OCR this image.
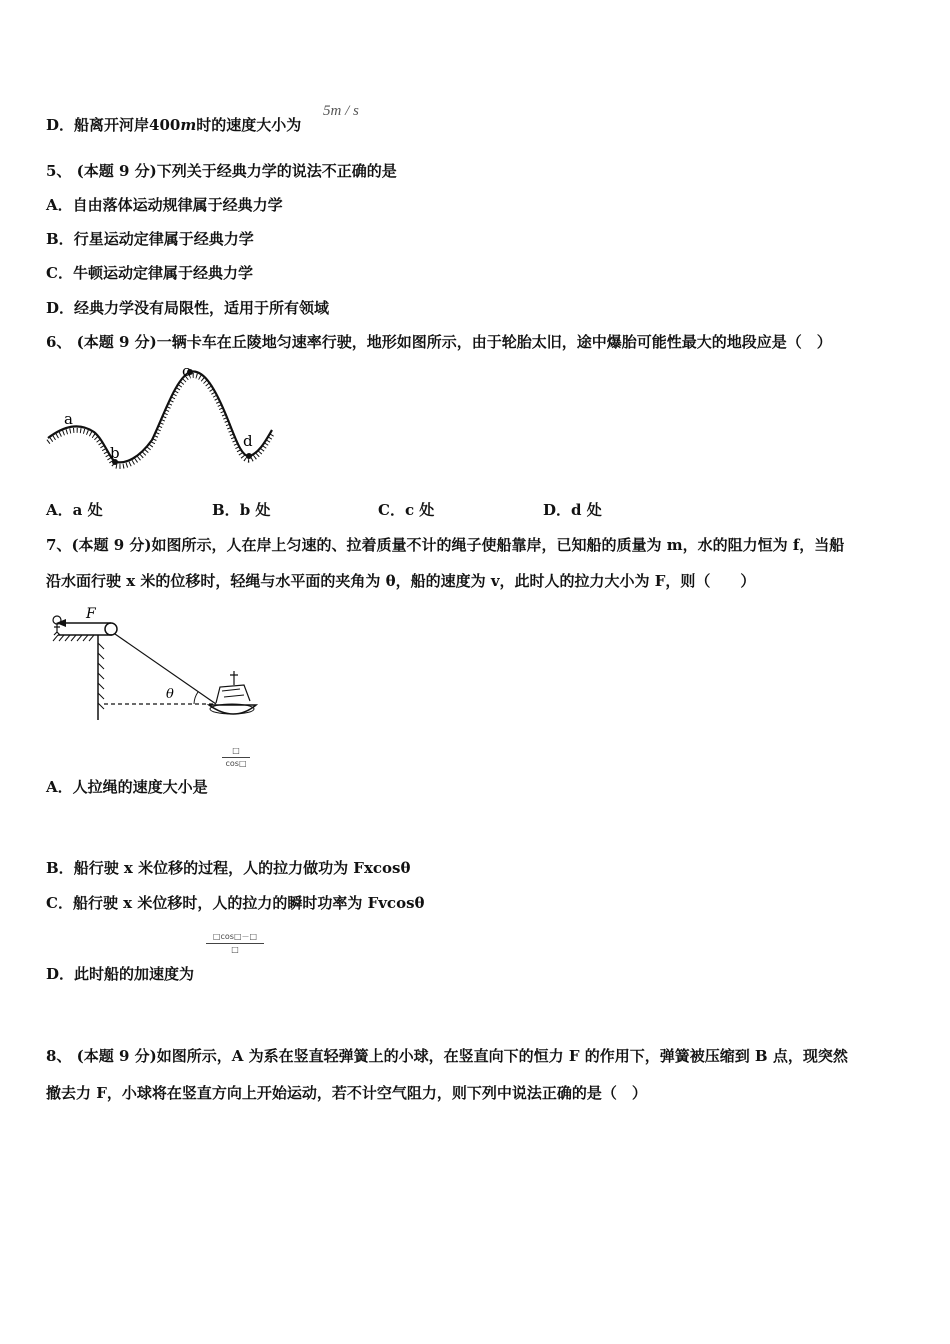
D．船离开河岸400m时的速度大小为
5m / s
5、 (本题 9 分)下列关于经典力学的说法不正确的是
A．自由落体运动规律属于经典力学
B．行星运动定律属于经典力学
C．牛顿运动定律属于经典力学
D．经典力学没有局限性，适用于所有领域
6、 (本题 9 分)一辆卡车在丘陵地匀速率行驶，地形如图所示，由于轮胎太旧，途中爆胎可能性最大的地段应是（　）
a
b
c
d
A．a 处	B．b 处	C．c 处	D．d 处
7、(本题 9 分)如图所示，人在岸上匀速的、拉着质量不计的绳子使船靠岸，已知船的质量为 m，水的阻力恒为 f，当船
沿水面行驶 x 米的位移时，轻绳与水平面的夹角为 θ，船的速度为 v，此时人的拉力大小为 F，则（　　）
F
θ
□
cos□
A．人拉绳的速度大小是
B．船行驶 x 米位移的过程，人的拉力做功为 Fxcosθ
C．船行驶 x 米位移时，人的拉力的瞬时功率为 Fvcosθ
□cos□－□
□
D．此时船的加速度为
8、 (本题 9 分)如图所示，A 为系在竖直轻弹簧上的小球，在竖直向下的恒力 F 的作用下，弹簧被压缩到 B 点，现突然
撤去力 F，小球将在竖直方向上开始运动，若不计空气阻力，则下列中说法正确的是（　）
